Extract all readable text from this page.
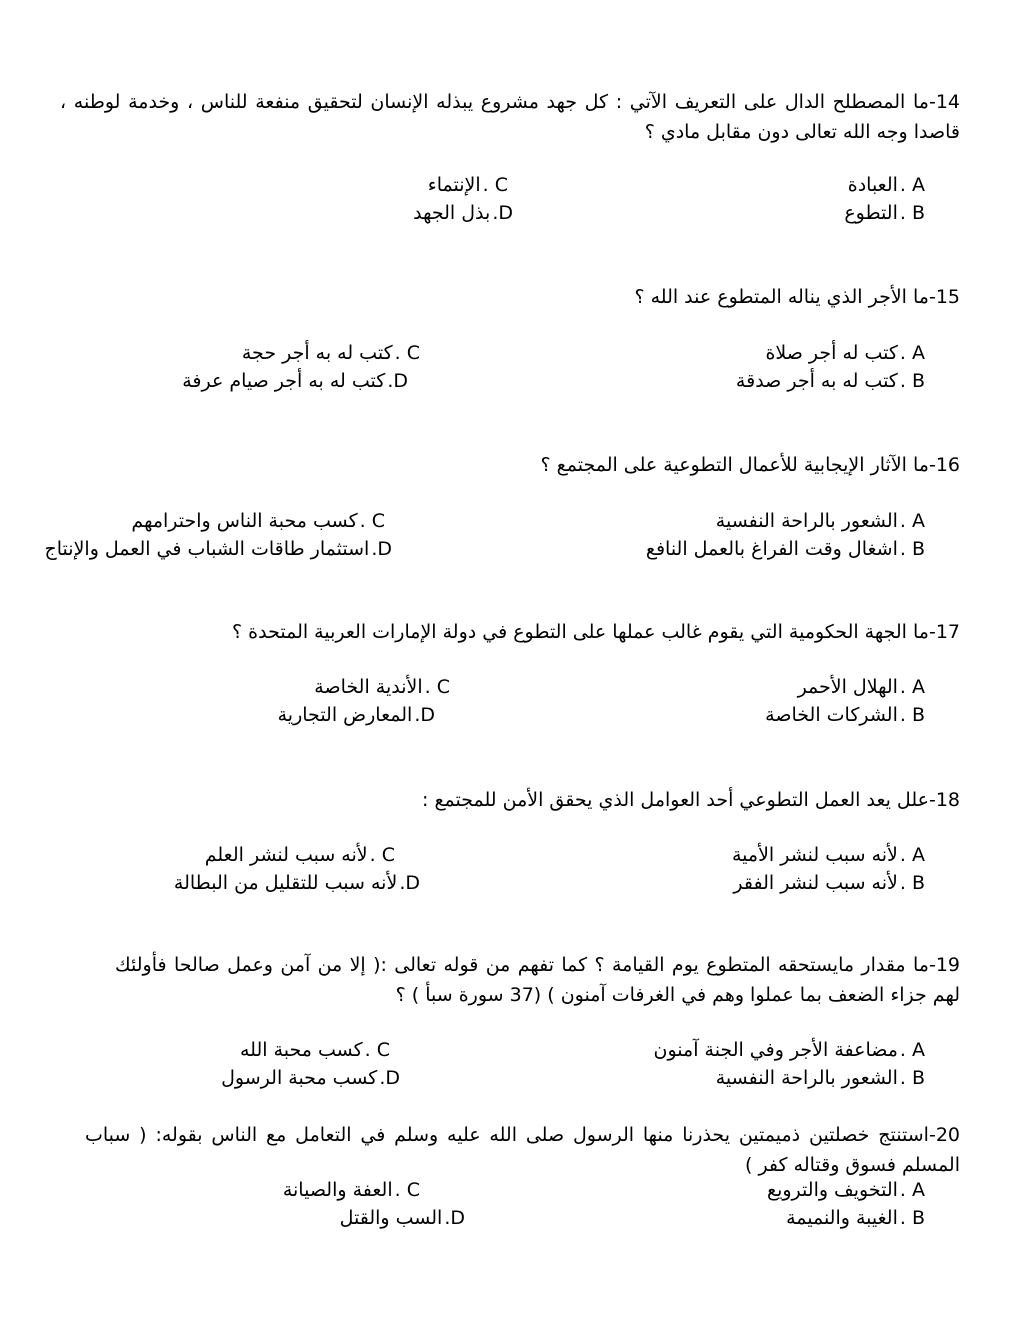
14-ما المصطلح الدال على التعريف الآتي : كل جهد مشروع يبذله الإنسان لتحقيق منفعة للناس ، وخدمة لوطنه ، قاصدا وجه الله تعالى دون مقابل مادي ؟
A .العبادة
B .التطوع
C .الإنتماء
D.بذل الجهد
15-ما الأجر الذي يناله المتطوع عند الله ؟
A .كتب له أجر صلاة
B .كتب له به أجر صدقة
C .كتب له به أجر حجة
D.كتب له به أجر صيام عرفة
16-ما الآثار الإيجابية للأعمال التطوعية على المجتمع ؟
A .الشعور بالراحة النفسية
B .اشغال وقت الفراغ بالعمل النافع
C .كسب محبة الناس واحترامهم
D.استثمار طاقات الشباب في العمل والإنتاج
17-ما الجهة الحكومية التي يقوم غالب عملها على التطوع في دولة الإمارات العربية المتحدة ؟
A .الهلال الأحمر
B .الشركات الخاصة
C .الأندية الخاصة
D.المعارض التجارية
18-علل يعد العمل التطوعي أحد العوامل الذي يحقق الأمن للمجتمع :
A .لأنه سبب لنشر الأمية
B .لأنه سبب لنشر الفقر
C .لأنه سبب لنشر العلم
D.لأنه سبب للتقليل من البطالة
19-ما مقدار مايستحقه المتطوع يوم القيامة ؟ كما تفهم من قوله تعالى :( إلا من آمن وعمل صالحا فأولئك لهم جزاء الضعف بما عملوا وهم في الغرفات آمنون ) (37 سورة سبأ ) ؟
A .مضاعفة الأجر وفي الجنة آمنون
B .الشعور بالراحة النفسية
C .كسب محبة الله
D.كسب محبة الرسول
20-استنتج خصلتين ذميمتين يحذرنا منها الرسول صلى الله عليه وسلم في التعامل مع الناس بقوله: ( سباب المسلم فسوق وقتاله كفر )
A .التخويف والترويع
B .الغيبة والنميمة
C .العفة والصيانة
D.السب والقتل
